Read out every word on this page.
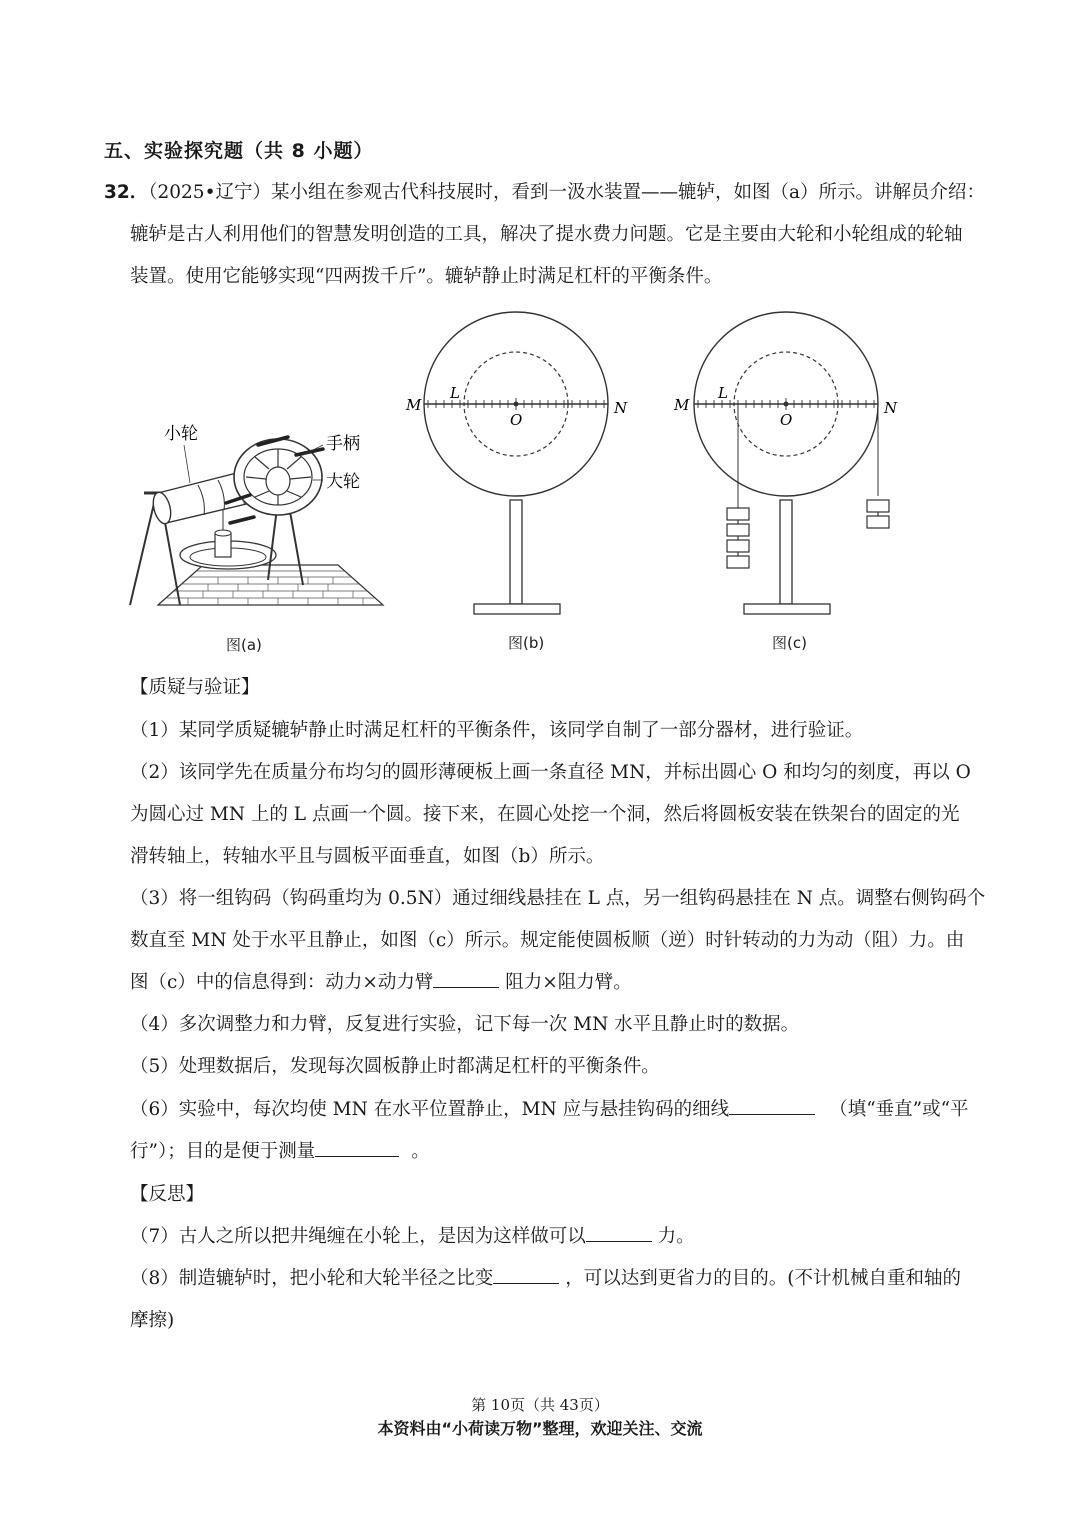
五、实验探究题（共 8 小题）
32．（2025•辽宁）某小组在参观古代科技展时，看到一汲水装置——辘轳，如图（a）所示。讲解员介绍：
辘轳是古人利用他们的智慧发明创造的工具，解决了提水费力问题。它是主要由大轮和小轮组成的轮轴
装置。使用它能够实现“四两拨千斤”。辘轳静止时满足杠杆的平衡条件。
小轮	手柄
大轮
图(a)
M
L
O
N
图(b)
M
L
O
N
图(c)
【质疑与验证】
（1）某同学质疑辘轳静止时满足杠杆的平衡条件，该同学自制了一部分器材，进行验证。
（2）该同学先在质量分布均匀的圆形薄硬板上画一条直径 MN，并标出圆心 O 和均匀的刻度，再以 O
为圆心过 MN 上的 L 点画一个圆。接下来，在圆心处挖一个洞，然后将圆板安装在铁架台的固定的光
滑转轴上，转轴水平且与圆板平面垂直，如图（b）所示。
（3）将一组钩码（钩码重均为 0.5N）通过细线悬挂在 L 点，另一组钩码悬挂在 N 点。调整右侧钩码个
数直至 MN 处于水平且静止，如图（c）所示。规定能使圆板顺（逆）时针转动的力为动（阻）力。由
图（c）中的信息得到：动力×动力臂	阻力×阻力臂。
（4）多次调整力和力臂，反复进行实验，记下每一次 MN 水平且静止时的数据。
（5）处理数据后，发现每次圆板静止时都满足杠杆的平衡条件。
（6）实验中，每次均使 MN 在水平位置静止，MN 应与悬挂钩码的细线	（填“垂直”或“平
行”）；目的是便于测量	。
【反思】
（7）古人之所以把井绳缠在小轮上，是因为这样做可以	力。
（8）制造辘轳时，把小轮和大轮半径之比变	，可以达到更省力的目的。(不计机械自重和轴的
摩擦)
第 10页（共 43页）
本资料由“小荷读万物”整理，欢迎关注、交流
